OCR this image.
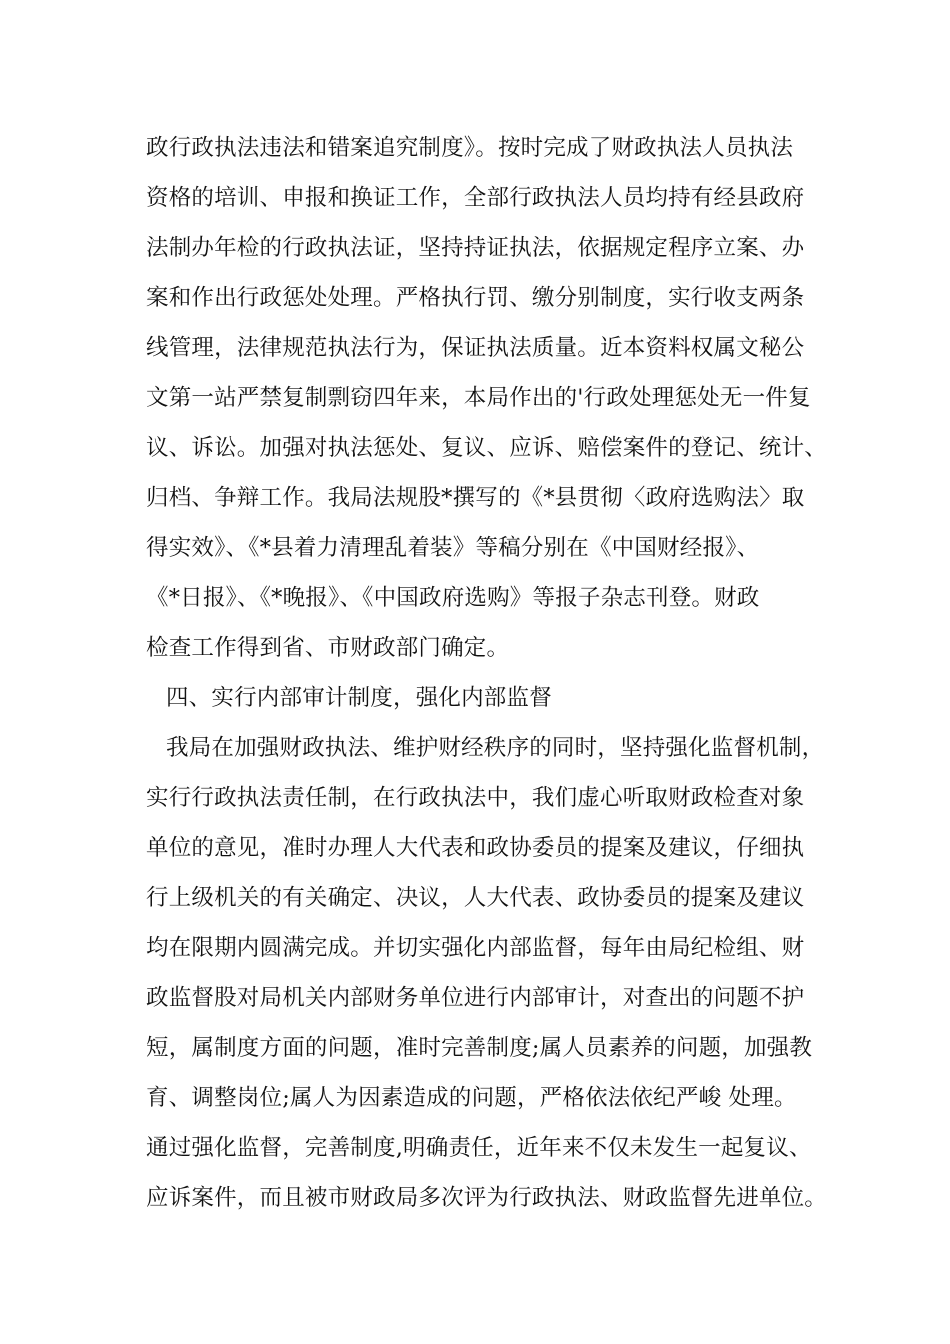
政行政执法违法和错案追究制度》。按时完成了财政执法人员执法
资格的培训、申报和换证工作，全部行政执法人员均持有经县政府
法制办年检的行政执法证，坚持持证执法，依据规定程序立案、办
案和作出行政惩处处理。严格执行罚、缴分别制度，实行收支两条
线管理，法律规范执法行为，保证执法质量。近本资料权属文秘公
文第一站严禁复制剽窃四年来，本局作出的'行政处理惩处无一件复
议、诉讼。加强对执法惩处、复议、应诉、赔偿案件的登记、统计、
归档、争辩工作。我局法规股*撰写的《*县贯彻〈政府选购法〉取
得实效》、《*县着力清理乱着装》等稿分别在《中国财经报》、
《*日报》、《*晚报》、《中国政府选购》等报子杂志刊登。财政
检查工作得到省、市财政部门确定。
四、实行内部审计制度，强化内部监督
我局在加强财政执法、维护财经秩序的同时，坚持强化监督机制，
实行行政执法责任制，在行政执法中，我们虚心听取财政检查对象
单位的意见，准时办理人大代表和政协委员的提案及建议，仔细执
行上级机关的有关确定、决议，人大代表、政协委员的提案及建议
均在限期内圆满完成。并切实强化内部监督，每年由局纪检组、财
政监督股对局机关内部财务单位进行内部审计，对查出的问题不护
短，属制度方面的问题，准时完善制度;属人员素养的问题，加强教
育、调整岗位;属人为因素造成的问题，严格依法依纪严峻 处理。
通过强化监督，完善制度,明确责任，近年来不仅未发生一起复议、
应诉案件，而且被市财政局多次评为行政执法、财政监督先进单位。
